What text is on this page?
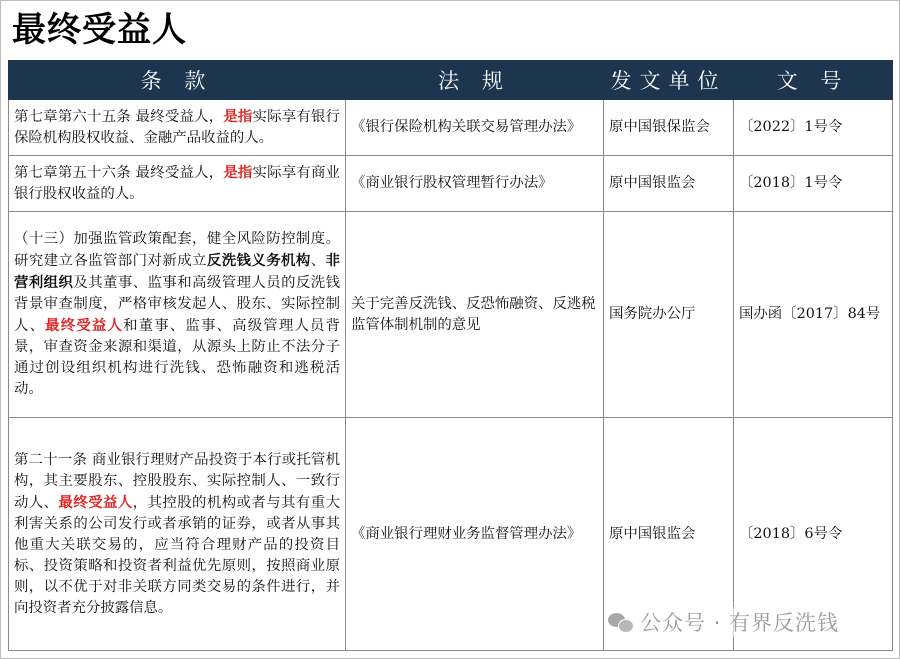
最终受益人
条 款	法 规	发文单位	文 号
第七章第六十五条 最终受益人，是指实际享有银行保险机构股权收益、金融产品收益的人。	《银行保险机构关联交易管理办法》	原中国银保监会	〔2022〕1号令
第七章第五十六条 最终受益人，是指实际享有商业银行股权收益的人。	《商业银行股权管理暂行办法》	原中国银监会	〔2018〕1号令
（十三）加强监管政策配套，健全风险防控制度。研究建立各监管部门对新成立反洗钱义务机构、非营利组织及其董事、监事和高级管理人员的反洗钱背景审查制度，严格审核发起人、股东、实际控制人、最终受益人和董事、监事、高级管理人员背景，审查资金来源和渠道，从源头上防止不法分子通过创设组织机构进行洗钱、恐怖融资和逃税活动。	关于完善反洗钱、反恐怖融资、反逃税监管体制机制的意见	国务院办公厅	国办函〔2017〕84号
第二十一条 商业银行理财产品投资于本行或托管机构，其主要股东、控股股东、实际控制人、一致行动人、最终受益人，其控股的机构或者与其有重大利害关系的公司发行或者承销的证券，或者从事其他重大关联交易的，应当符合理财产品的投资目标、投资策略和投资者利益优先原则，按照商业原则，以不优于对非关联方同类交易的条件进行，并向投资者充分披露信息。	《商业银行理财业务监督管理办法》	原中国银监会	〔2018〕6号令
公众号 · 有界反洗钱
